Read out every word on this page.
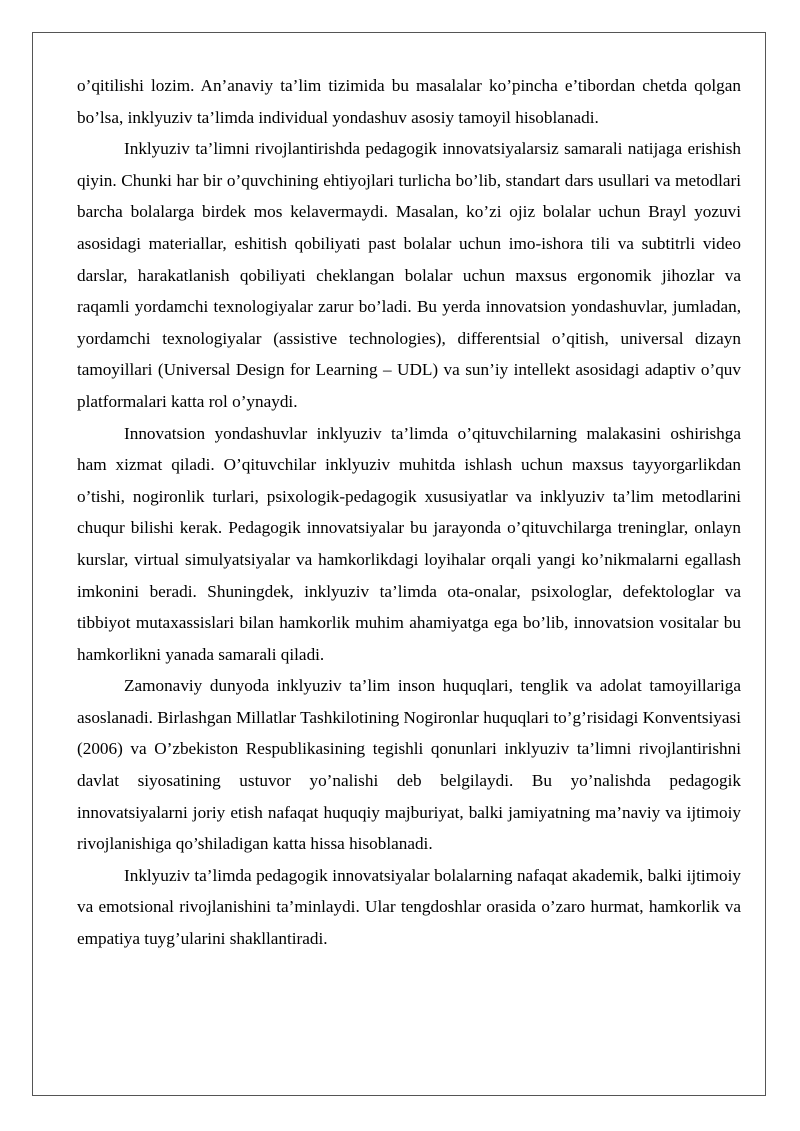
o’qitilishi lozim. An’anaviy ta’lim tizimida bu masalalar ko’pincha e’tibordan chetda qolgan bo’lsa, inklyuziv ta’limda individual yondashuv asosiy tamoyil hisoblanadi.

Inklyuziv ta’limni rivojlantirishda pedagogik innovatsiyalarsiz samarali natijaga erishish qiyin. Chunki har bir o’quvchining ehtiyojlari turlicha bo’lib, standart dars usullari va metodlari barcha bolalarga birdek mos kelavermaydi. Masalan, ko’zi ojiz bolalar uchun Brayl yozuvi asosidagi materiallar, eshitish qobiliyati past bolalar uchun imo-ishora tili va subtitrli video darslar, harakatlanish qobiliyati cheklangan bolalar uchun maxsus ergonomik jihozlar va raqamli yordamchi texnologiyalar zarur bo’ladi. Bu yerda innovatsion yondashuvlar, jumladan, yordamchi texnologiyalar (assistive technologies), differentsial o’qitish, universal dizayn tamoyillari (Universal Design for Learning – UDL) va sun’iy intellekt asosidagi adaptiv o’quv platformalari katta rol o’ynaydi.

Innovatsion yondashuvlar inklyuziv ta’limda o’qituvchilarning malakasini oshirishga ham xizmat qiladi. O’qituvchilar inklyuziv muhitda ishlash uchun maxsus tayyorgarlikdan o’tishi, nogironlik turlari, psixologik-pedagogik xususiyatlar va inklyuziv ta’lim metodlarini chuqur bilishi kerak. Pedagogik innovatsiyalar bu jarayonda o’qituvchilarga treninglar, onlayn kurslar, virtual simulyatsiyalar va hamkorlikdagi loyihalar orqali yangi ko’nikmalarni egallash imkonini beradi. Shuningdek, inklyuziv ta’limda ota-onalar, psixologlar, defektologlar va tibbiyot mutaxassislari bilan hamkorlik muhim ahamiyatga ega bo’lib, innovatsion vositalar bu hamkorlikni yanada samarali qiladi.

Zamonaviy dunyoda inklyuziv ta’lim inson huquqlari, tenglik va adolat tamoyillariga asoslanadi. Birlashgan Millatlar Tashkilotining Nogironlar huquqlari to’g’risidagi Konventsiyasi (2006) va O’zbekiston Respublikasining tegishli qonunlari inklyuziv ta’limni rivojlantirishni davlat siyosatining ustuvor yo’nalishi deb belgilaydi. Bu yo’nalishda pedagogik innovatsiyalarni joriy etish nafaqat huquqiy majburiyat, balki jamiyatning ma’naviy va ijtimoiy rivojlanishiga qo’shiladigan katta hissa hisoblanadi.

Inklyuziv ta’limda pedagogik innovatsiyalar bolalarning nafaqat akademik, balki ijtimoiy va emotsional rivojlanishini ta’minlaydi. Ular tengdoshlar orasida o’zaro hurmat, hamkorlik va empatiya tuyg’ularini shakllantiradi.
